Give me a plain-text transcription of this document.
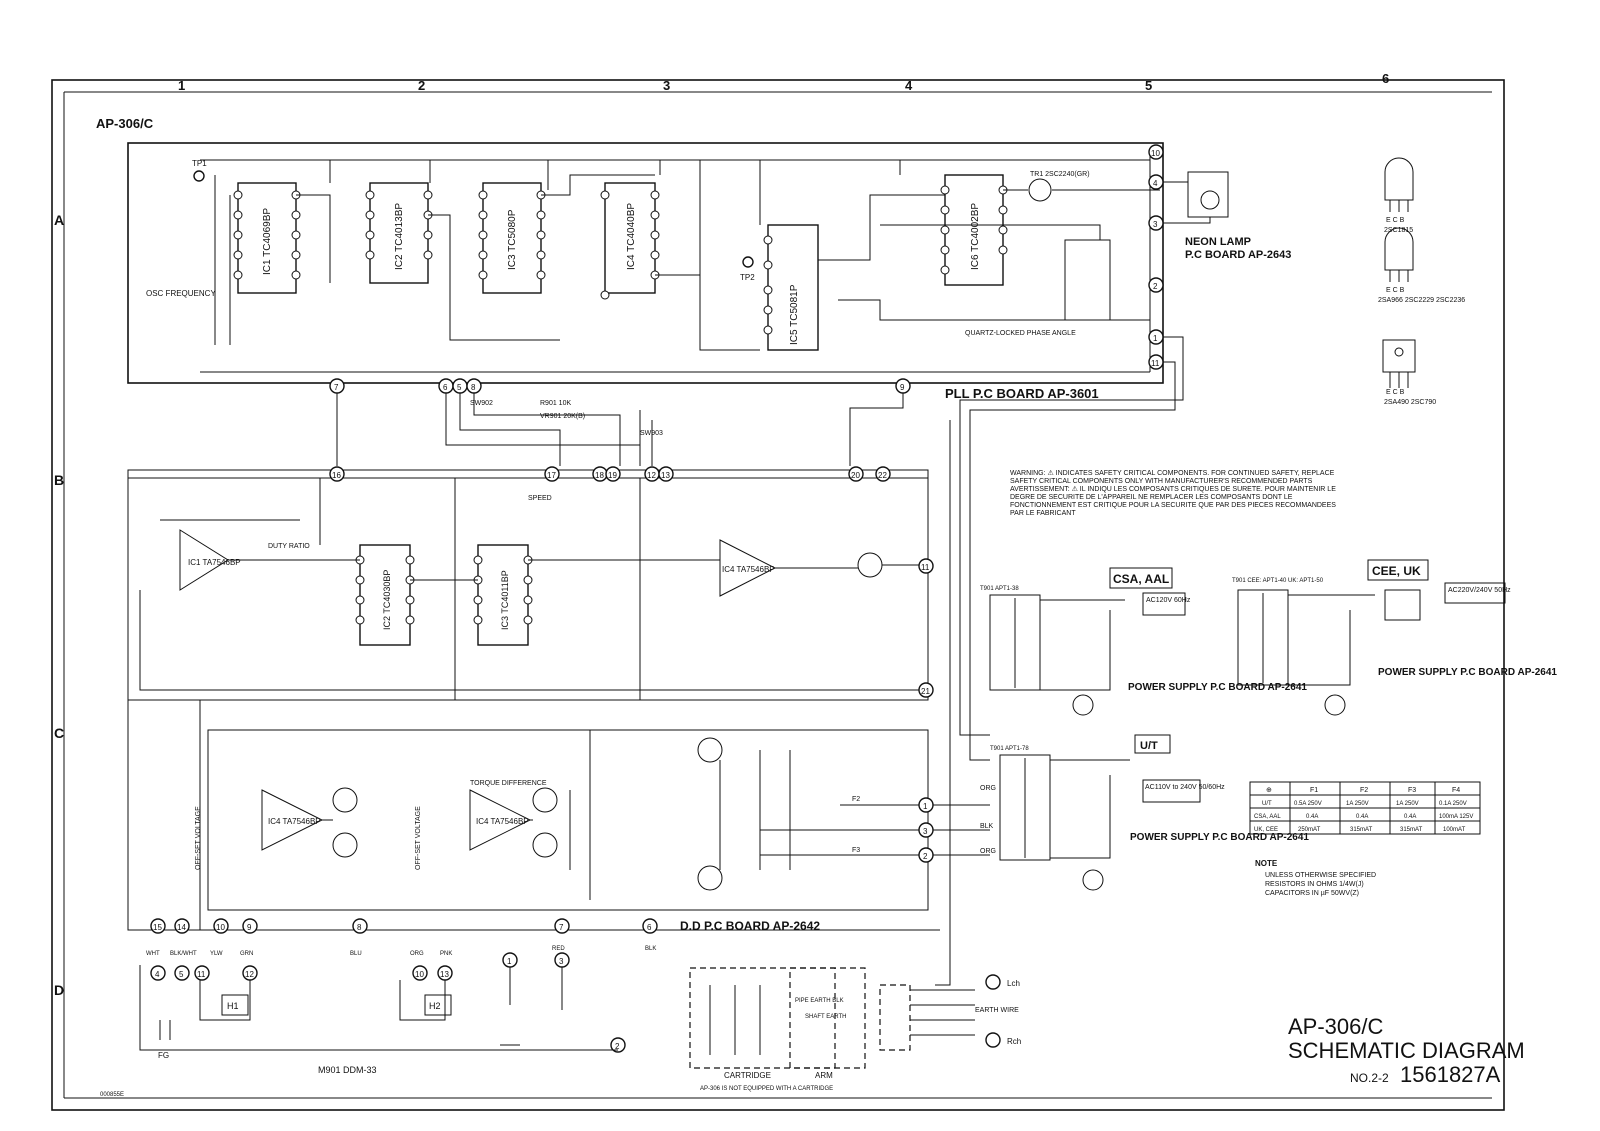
1	2	3	4	5	6
A
B
C
D
AP-306/C
TP1
OSC FREQUENCY
IC1 TC4069BP	IC2 TC4013BP	IC3 TC5080P	IC4 TC4040BP
IC5 TC5081P
TP2
IC6 TC4002BP
QUARTZ-LOCKED PHASE ANGLE
TR1 2SC2240(GR)
10
4
3
2
1
11
7	6 5 8	9	PLL P.C BOARD AP-3601
NEON LAMP
P.C BOARD AP-2643
E C B
2SC1815
E C B
2SA966 2SC2229 2SC2236
E C B
2SA490 2SC790
SW902	R901 10K
VR901 20K(B)
SW903
16	17	18 19	12 13	20 22
IC1 TA7546BP
DUTY RATIO
IC2 TC4030BP	IC3 TC4011BP
SPEED
IC4 TA7546BP	11
21
IC4 TA7546BP
OFF-SET VOLTAGE	IC4 TA7546BP
OFF-SET VOLTAGE
TORQUE DIFFERENCE
1
3
2
F2
F3
ORG
BLK
ORG
D.D P.C BOARD AP-2642
15 14	10	9	8	7	6
WHT BLK/WHT YLW	GRN	BLU	ORG	PNK
RED	BLK
4 5 11	12	10 13
1	3
2
H1	H2
FG
M901 DDM-33
Lch
Rch
EARTH WIRE
PIPE EARTH BLK
SHAFT EARTH
CARTRIDGE	ARM
AP-306 IS NOT EQUIPPED WITH A CARTRIDGE
WARNING: ⚠ INDICATES SAFETY CRITICAL COMPONENTS. FOR CONTINUED SAFETY, REPLACE SAFETY CRITICAL COMPONENTS ONLY WITH MANUFACTURER'S RECOMMENDED PARTS
AVERTISSEMENT: ⚠ IL INDIQU LES COMPOSANTS CRITIQUES DE SURETE. POUR MAINTENIR LE DEGRE DE SECURITE DE L'APPAREIL NE REMPLACER LES COMPOSANTS DONT LE FONCTIONNEMENT EST CRITIQUE POUR LA SECURITE QUE PAR DES PIECES RECOMMANDEES PAR LE FABRICANT
T901 APT1-38
CSA, AAL
AC120V 60Hz
POWER SUPPLY P.C BOARD AP-2641
T901 CEE: APT1-40 UK: APT1-50
CEE, UK
AC220V/240V 50Hz
POWER SUPPLY P.C BOARD AP-2641
T901 APT1-78	U/T
AC110V to 240V 50/60Hz
POWER SUPPLY P.C BOARD AP-2641
⊕	F1	F2	F3	F4
U/T	0.5A 250V	1A 250V	1A 250V	0.1A 250V
CSA, AAL	0.4A	0.4A	0.4A	100mA 125V
UK, CEE	250mAT	315mAT	315mAT	100mAT
NOTE
UNLESS OTHERWISE SPECIFIED
RESISTORS IN OHMS 1/4W(J)
CAPACITORS IN µF 50WV(Z)
AP-306/C
SCHEMATIC DIAGRAM
NO.2-2 1561827A
000855E
